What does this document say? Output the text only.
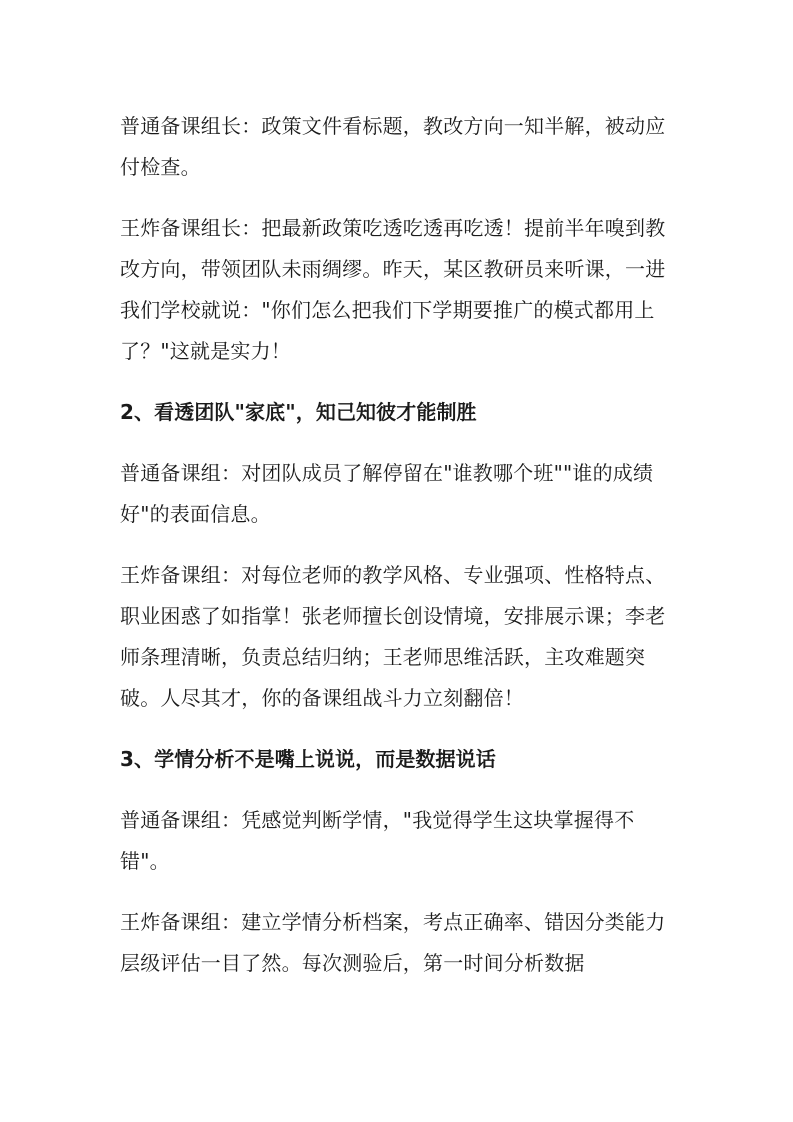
普通备课组长：政策文件看标题，教改方向一知半解，被动应付检查。

王炸备课组长：把最新政策吃透吃透再吃透！提前半年嗅到教改方向，带领团队未雨绸缪。昨天，某区教研员来听课，一进我们学校就说："你们怎么把我们下学期要推广的模式都用上了？"这就是实力！

2、看透团队"家底"，知己知彼才能制胜

普通备课组：对团队成员了解停留在"谁教哪个班""谁的成绩好"的表面信息。

王炸备课组：对每位老师的教学风格、专业强项、性格特点、职业困惑了如指掌！张老师擅长创设情境，安排展示课；李老师条理清晰，负责总结归纳；王老师思维活跃，主攻难题突破。人尽其才，你的备课组战斗力立刻翻倍！

3、学情分析不是嘴上说说，而是数据说话

普通备课组：凭感觉判断学情，"我觉得学生这块掌握得不错"。

王炸备课组：建立学情分析档案，考点正确率、错因分类能力层级评估一目了然。每次测验后，第一时间分析数据
